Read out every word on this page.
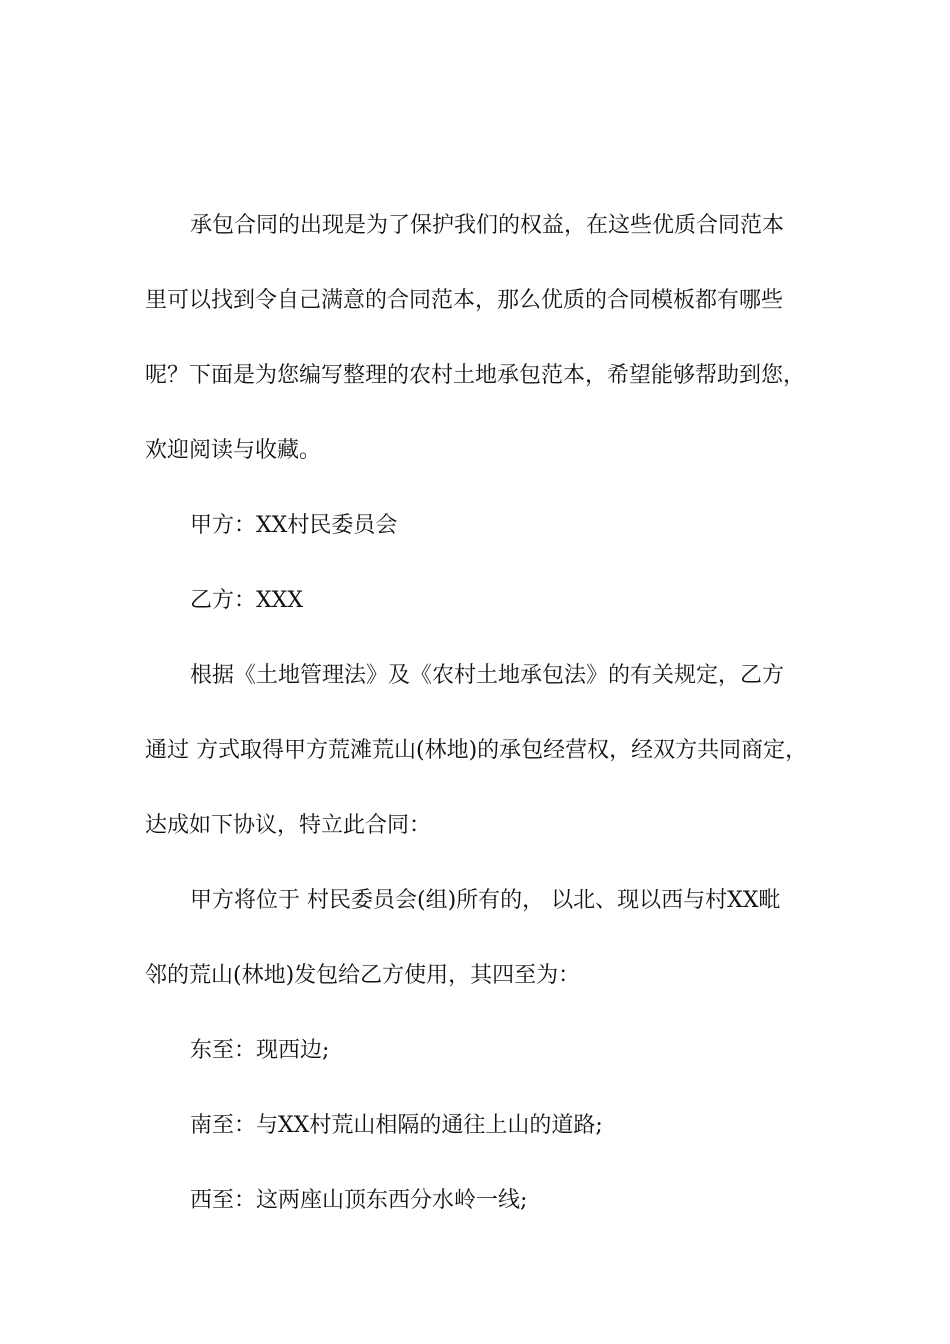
承包合同的出现是为了保护我们的权益，在这些优质合同范本
里可以找到令自己满意的合同范本，那么优质的合同模板都有哪些
呢？下面是为您编写整理的农村土地承包范本，希望能够帮助到您，
欢迎阅读与收藏。
甲方：XX村民委员会
乙方：XXX
根据《土地管理法》及《农村土地承包法》的有关规定，乙方
通过 方式取得甲方荒滩荒山(林地)的承包经营权，经双方共同商定，
达成如下协议，特立此合同：
甲方将位于 村民委员会(组)所有的， 以北、现以西与村XX毗
邻的荒山(林地)发包给乙方使用，其四至为：
东至：现西边;
南至：与XX村荒山相隔的通往上山的道路;
西至：这两座山顶东西分水岭一线;
